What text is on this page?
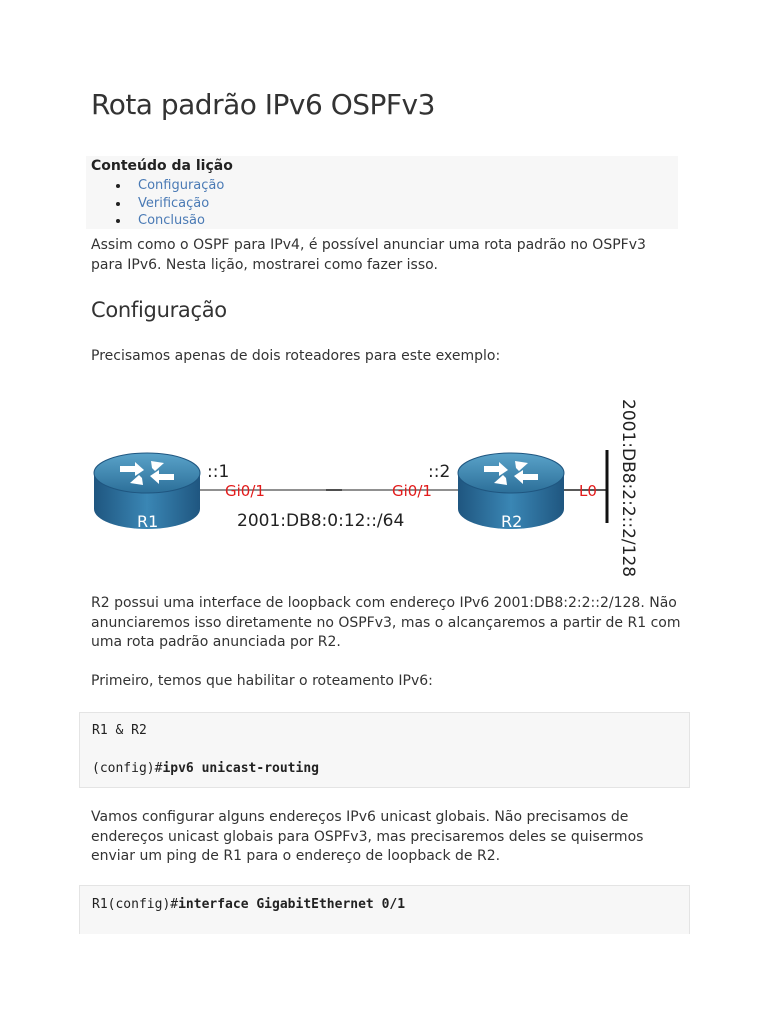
Rota padrão IPv6 OSPFv3
Conteúdo da lição
Configuração
Verificação
Conclusão

Assim como o OSPF para IPv4, é possível anunciar uma rota padrão no OSPFv3 para IPv6. Nesta lição, mostrarei como fazer isso.

Configuração

Precisamos apenas de dois roteadores para este exemplo:

R1	R2
::1	::2
Gi0/1	Gi0/1	L0
2001:DB8:0:12::/64	2001:DB8:2:2::2/128

R2 possui uma interface de loopback com endereço IPv6 2001:DB8:2:2::2/128. Não anunciaremos isso diretamente no OSPFv3, mas o alcançaremos a partir de R1 com uma rota padrão anunciada por R2.

Primeiro, temos que habilitar o roteamento IPv6:

R1 & R2
(config)#ipv6 unicast-routing

Vamos configurar alguns endereços IPv6 unicast globais. Não precisamos de endereços unicast globais para OSPFv3, mas precisaremos deles se quisermos enviar um ping de R1 para o endereço de loopback de R2.

R1(config)#interface GigabitEthernet 0/1
